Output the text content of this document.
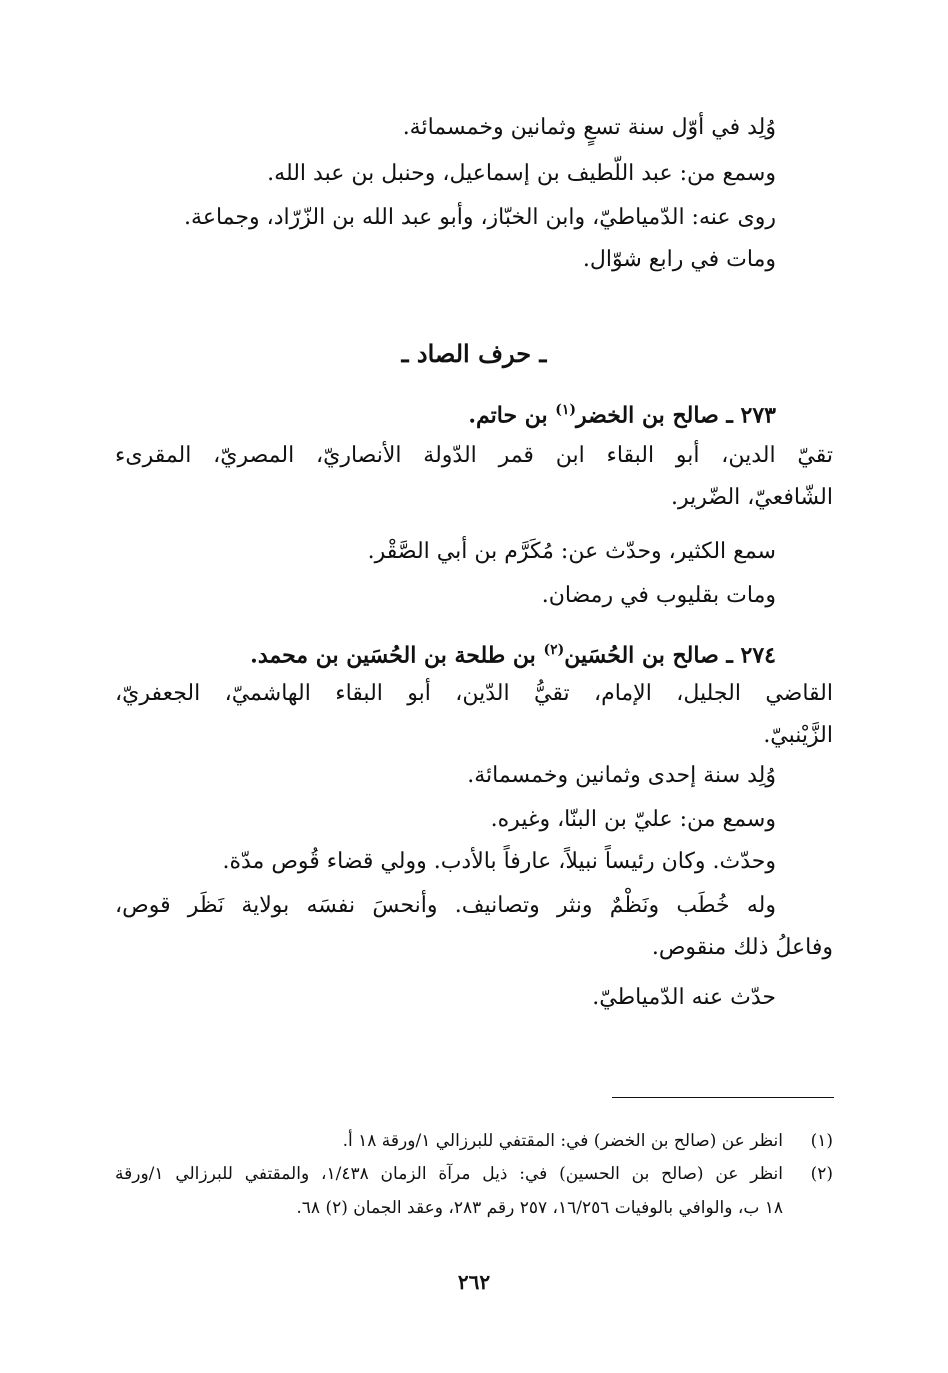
وُلِد في أوّل سنة تسعٍ وثمانين وخمسمائة.
وسمع من: عبد اللّطيف بن إسماعيل، وحنبل بن عبد الله.
روى عنه: الدّمياطيّ، وابن الخبّاز، وأبو عبد الله بن الزّرّاد، وجماعة.
ومات في رابع شوّال.
ـ حرف الصاد ـ
٢٧٣ ـ صالح بن الخضر$^{(١)}$ بن حاتم.
تقيّ الدين، أبو البقاء ابن قمر الدّولة الأنصاريّ، المصريّ، المقرىء
الشّافعيّ، الضّرير.
سمع الكثير، وحدّث عن: مُكَرَّم بن أبي الصَّقْر.
ومات بقليوب في رمضان.
٢٧٤ ـ صالح بن الحُسَين$^{(٢)}$ بن طلحة بن الحُسَين بن محمد.
القاضي الجليل، الإمام، تقيُّ الدّين، أبو البقاء الهاشميّ، الجعفريّ،
الزَّيْنبيّ.
وُلِد سنة إحدى وثمانين وخمسمائة.
وسمع من: عليّ بن البنّا، وغيره.
وحدّث. وكان رئيساً نبيلاً، عارفاً بالأدب. وولي قضاء قُوص مدّة.
وله خُطَب ونَظْمٌ ونثر وتصانيف. وأنحسَ نفسَه بولاية نَظَر قوص،
وفاعلُ ذلك منقوص.
حدّث عنه الدّمياطيّ.
(١)
انظر عن (صالح بن الخضر) في: المقتفي للبرزالي ١/ورقة ١٨ أ.
(٢)
انظر عن (صالح بن الحسين) في: ذيل مرآة الزمان ١/٤٣٨، والمقتفي للبرزالي ١/ورقة
١٨ ب، والوافي بالوفيات ١٦/٢٥٦، ٢٥٧ رقم ٢٨٣، وعقد الجمان (٢) ٦٨.
٢٦٢
